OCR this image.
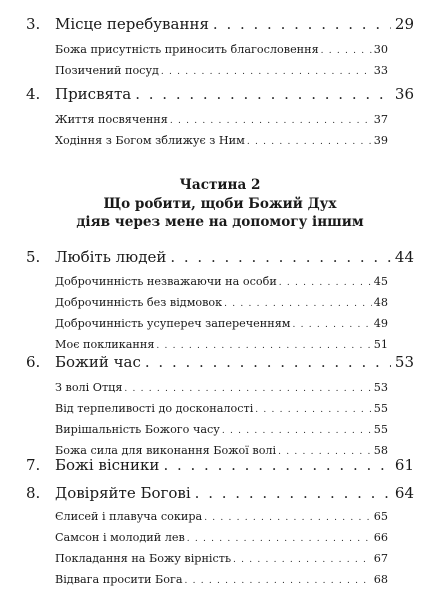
3. Місце перебування . . .	29
Божа присутність приносить благословення . . .	30
Позичений посуд . . .	33
4. Присвята . . .	36
Життя посвячення . . .	37
Ходіння з Богом зближує з Ним . . .	39
Частина 2
Що робити, щоби Божий Дух
діяв через мене на допомогу іншим
5. Любіть людей . . .	44
Доброчинність незважаючи на особи . . .	45
Доброчинність без відмовок . . .	48
Доброчинність усупереч запереченням . . .	49
Моє покликання . . .	51
6. Божий час . . .	53
З волі Отця . . .	53
Від терпеливості до досконалості . . .	55
Вирішальність Божого часу . . .	55
Божа сила для виконання Божої волі . . .	58
7. Божі вісники . . .	61
8. Довіряйте Богові . . .	64
Єлисей і плавуча сокира . . .	65
Самсон і молодий лев . . .	66
Покладання на Божу вірність . . .	67
Відвага просити Бога . . .	68
